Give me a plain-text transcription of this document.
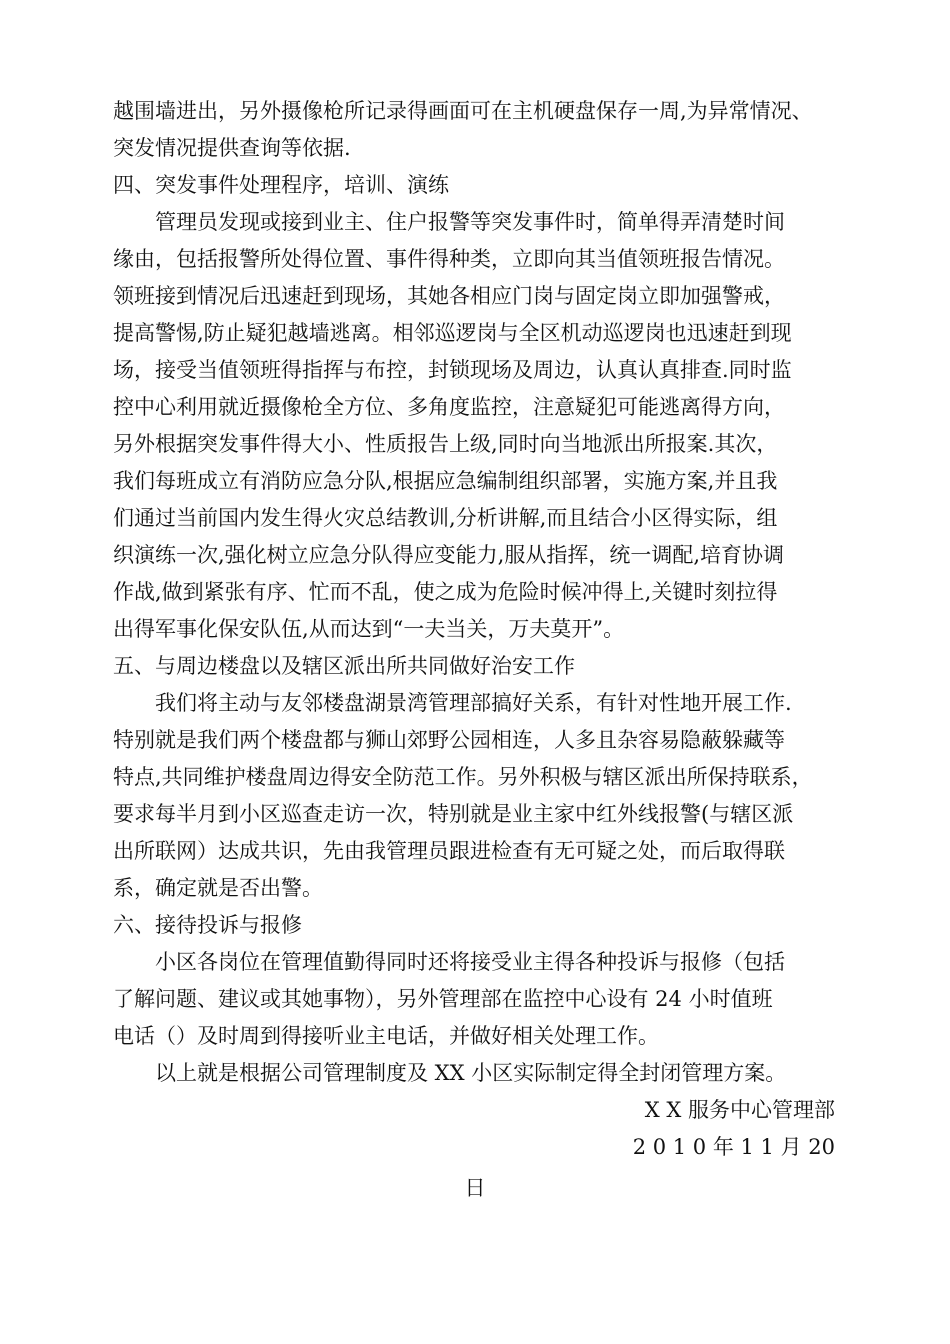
越围墙进出，另外摄像枪所记录得画面可在主机硬盘保存一周,为异常情况、
突发情况提供查询等依据.
四、突发事件处理程序，培训、演练
　　管理员发现或接到业主、住户报警等突发事件时，简单得弄清楚时间
缘由，包括报警所处得位置、事件得种类，立即向其当值领班报告情况。
领班接到情况后迅速赶到现场，其她各相应门岗与固定岗立即加强警戒，
提高警惕,防止疑犯越墙逃离。相邻巡逻岗与全区机动巡逻岗也迅速赶到现
场，接受当值领班得指挥与布控，封锁现场及周边，认真认真排查.同时监
控中心利用就近摄像枪全方位、多角度监控，注意疑犯可能逃离得方向，
另外根据突发事件得大小、性质报告上级,同时向当地派出所报案.其次，
我们每班成立有消防应急分队,根据应急编制组织部署，实施方案,并且我
们通过当前国内发生得火灾总结教训,分析讲解,而且结合小区得实际，组
织演练一次,强化树立应急分队得应变能力,服从指挥，统一调配,培育协调
作战,做到紧张有序、忙而不乱，使之成为危险时候冲得上,关键时刻拉得
出得军事化保安队伍,从而达到“一夫当关，万夫莫开”。
五、与周边楼盘以及辖区派出所共同做好治安工作
　　我们将主动与友邻楼盘湖景湾管理部搞好关系，有针对性地开展工作.
特别就是我们两个楼盘都与狮山郊野公园相连，人多且杂容易隐蔽躲藏等
特点,共同维护楼盘周边得安全防范工作。另外积极与辖区派出所保持联系，
要求每半月到小区巡查走访一次，特别就是业主家中红外线报警(与辖区派
出所联网）达成共识，先由我管理员跟进检查有无可疑之处，而后取得联
系，确定就是否出警。
六、接待投诉与报修
　　小区各岗位在管理值勤得同时还将接受业主得各种投诉与报修（包括
了解问题、建议或其她事物），另外管理部在监控中心设有 24 小时值班
电话（）及时周到得接听业主电话，并做好相关处理工作。
　　以上就是根据公司管理制度及 XX 小区实际制定得全封闭管理方案。
X X 服务中心管理部
2 0 1 0 年 1 1 月 20
日
